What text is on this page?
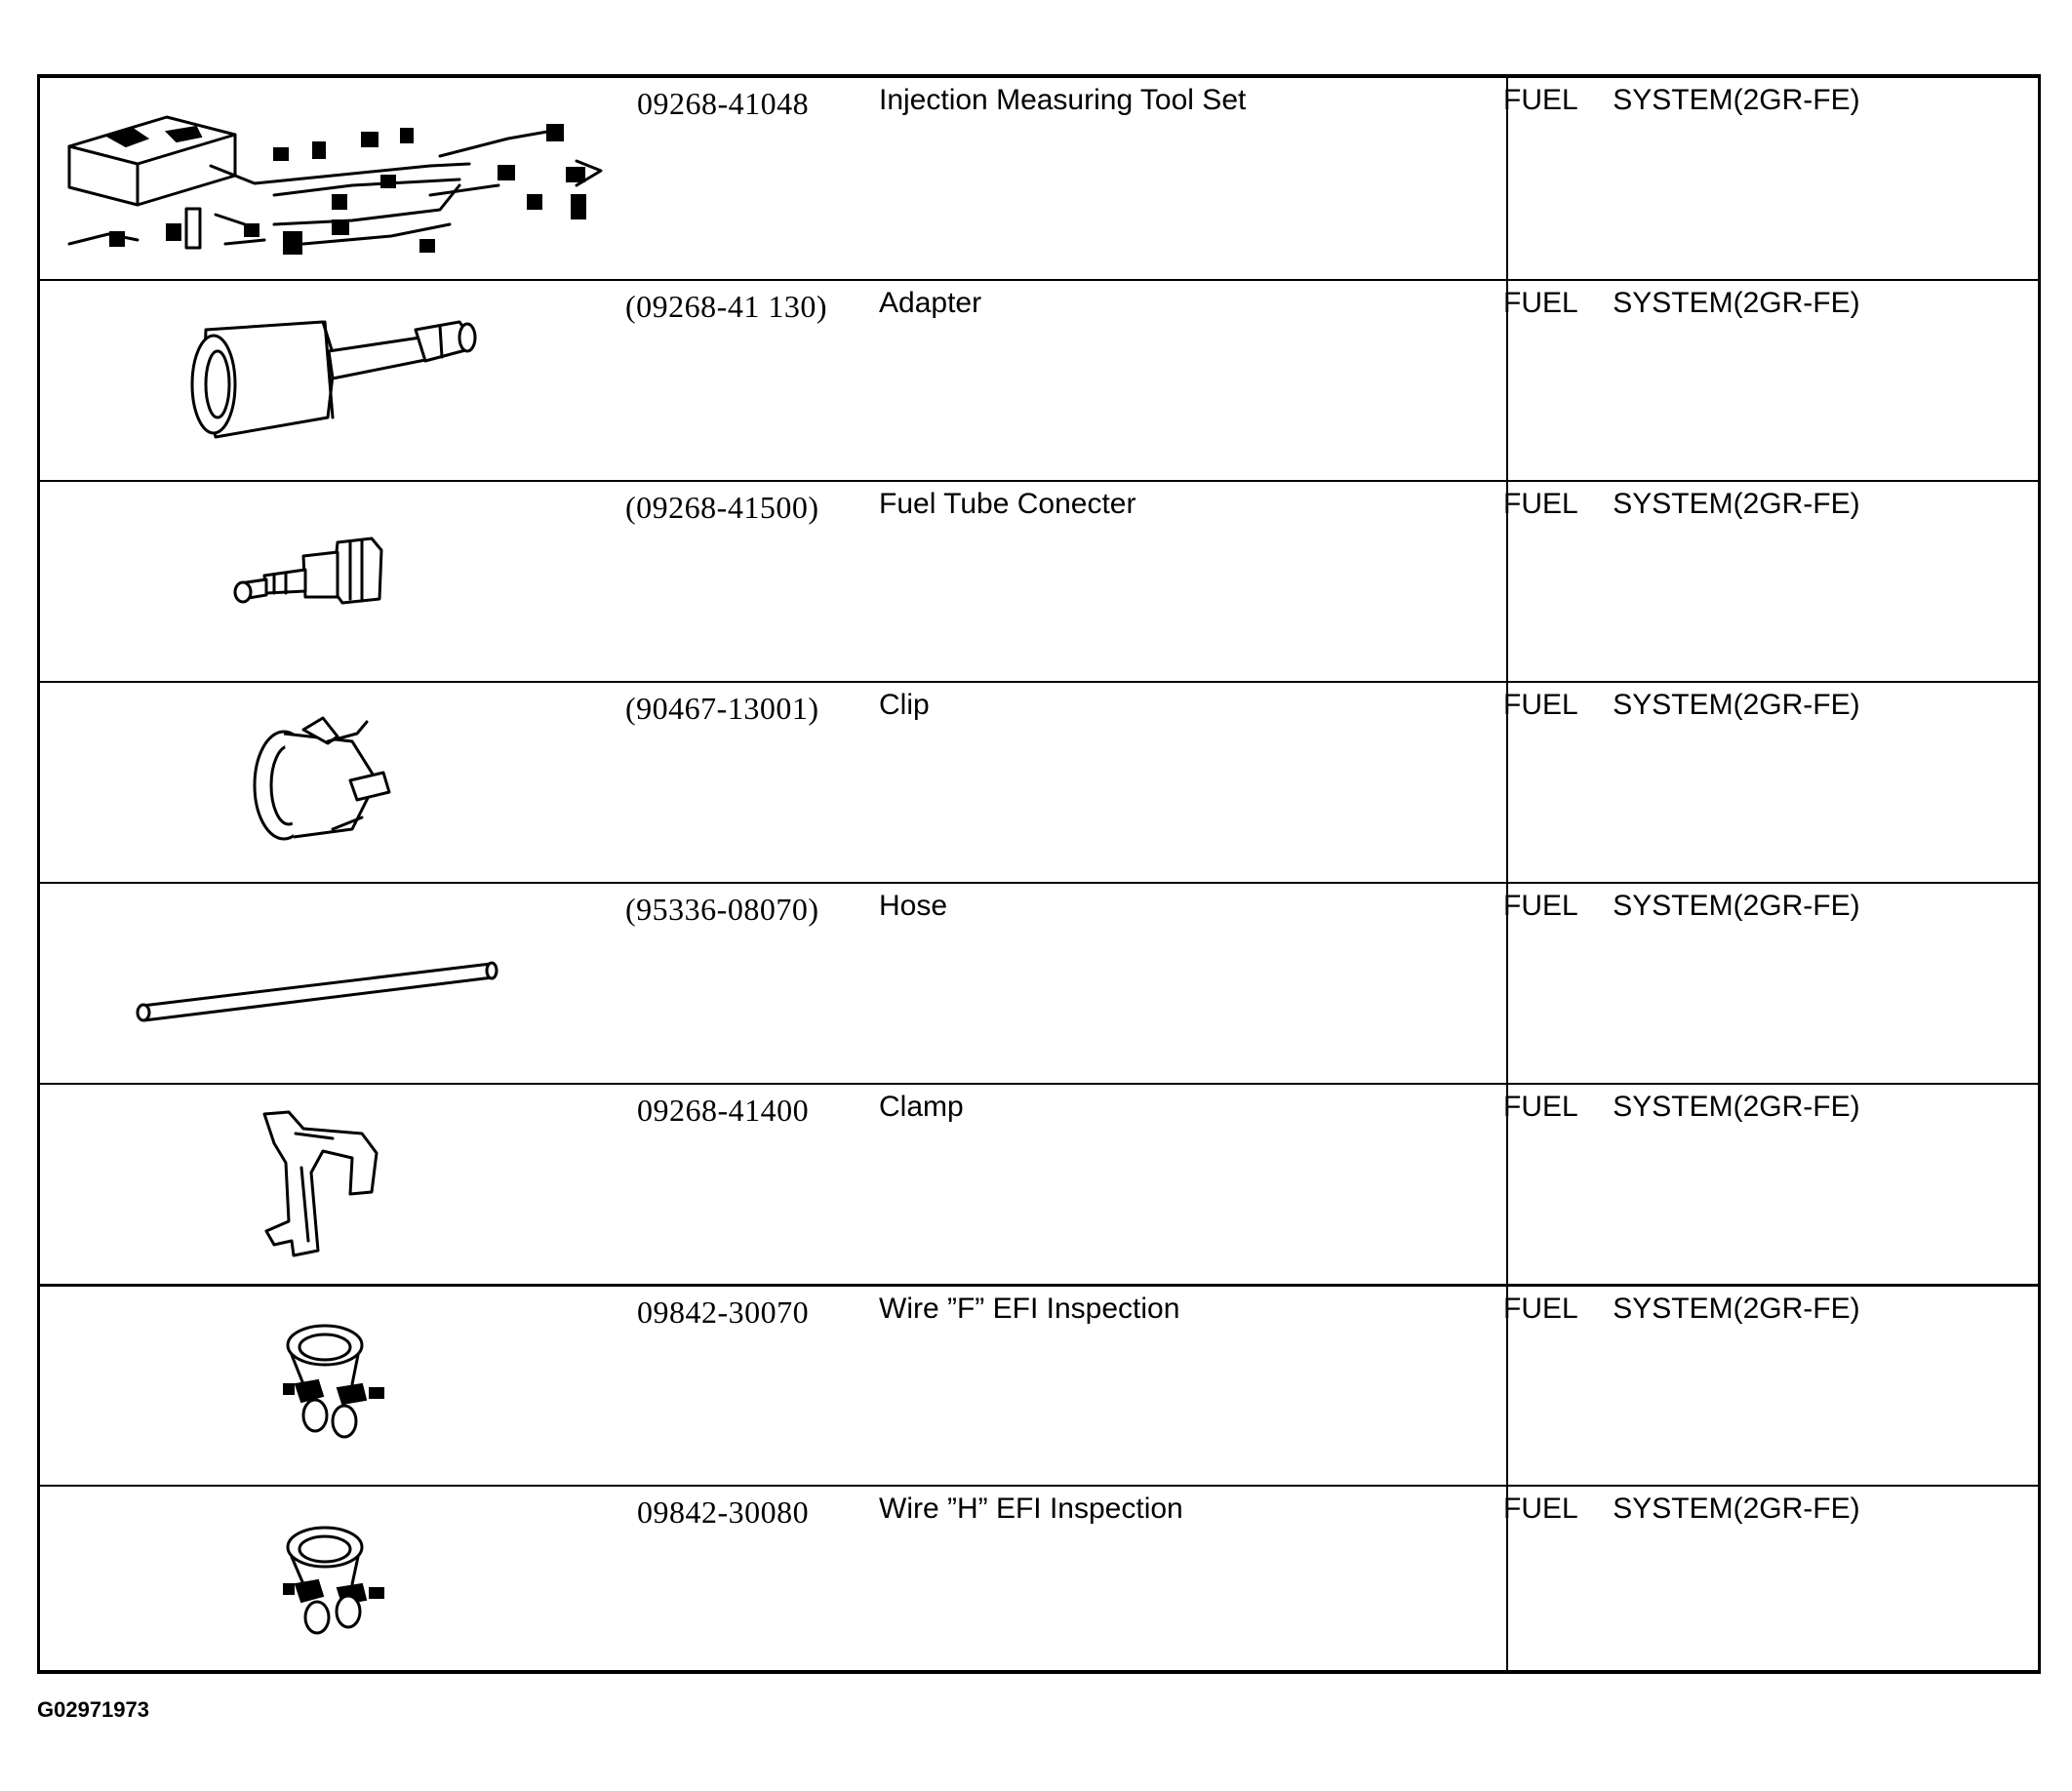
09268-41048 Injection Measuring Tool Set	FUEL  SYSTEM(2GR-FE)
(09268-41 130) Adapter	FUEL  SYSTEM(2GR-FE)
(09268-41500) Fuel Tube Conecter	FUEL  SYSTEM(2GR-FE)
(90467-13001) Clip	FUEL  SYSTEM(2GR-FE)
(95336-08070) Hose	FUEL  SYSTEM(2GR-FE)
09268-41400 Clamp	FUEL  SYSTEM(2GR-FE)
09842-30070 Wire ”F” EFI Inspection	FUEL  SYSTEM(2GR-FE)
09842-30080 Wire ”H” EFI Inspection	FUEL  SYSTEM(2GR-FE)
G02971973
